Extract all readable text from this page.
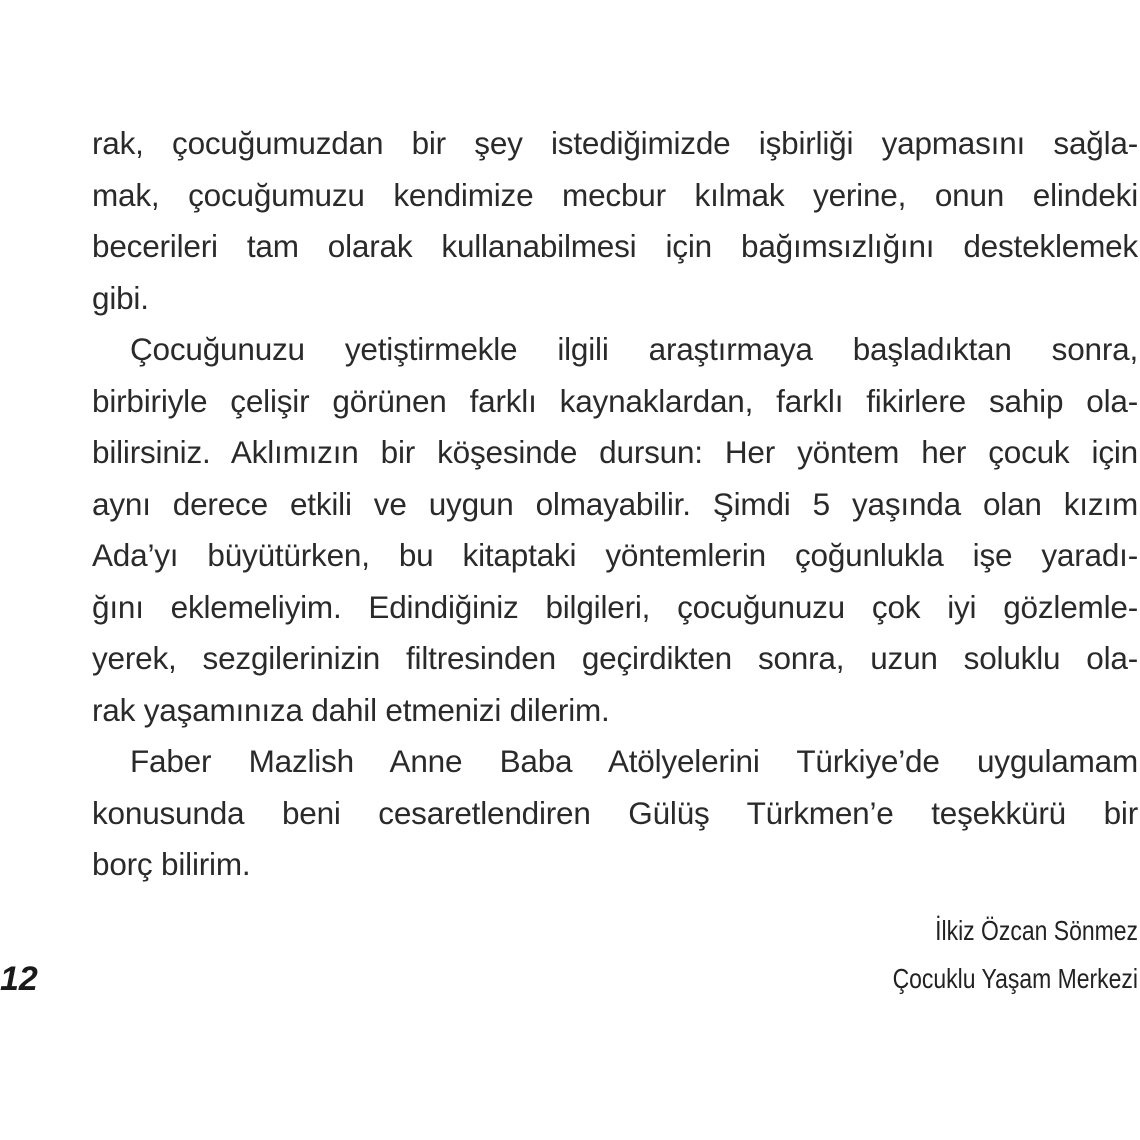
rak, çocuğumuzdan bir şey istediğimizde işbirliği yapmasını sağla-
mak, çocuğumuzu kendimize mecbur kılmak yerine, onun elindeki
becerileri tam olarak kullanabilmesi için bağımsızlığını desteklemek
gibi.
Çocuğunuzu yetiştirmekle ilgili araştırmaya başladıktan sonra,
birbiriyle çelişir görünen farklı kaynaklardan, farklı fikirlere sahip ola-
bilirsiniz. Aklımızın bir köşesinde dursun: Her yöntem her çocuk için
aynı derece etkili ve uygun olmayabilir. Şimdi 5 yaşında olan kızım
Ada’yı büyütürken, bu kitaptaki yöntemlerin çoğunlukla işe yaradı-
ğını eklemeliyim. Edindiğiniz bilgileri, çocuğunuzu çok iyi gözlemle-
yerek, sezgilerinizin filtresinden geçirdikten sonra, uzun soluklu ola-
rak yaşamınıza dahil etmenizi dilerim.
Faber Mazlish Anne Baba Atölyelerini Türkiye’de uygulamam
konusunda beni cesaretlendiren Gülüş Türkmen’e teşekkürü bir
borç bilirim.
İlkiz Özcan Sönmez
Çocuklu Yaşam Merkezi
12
